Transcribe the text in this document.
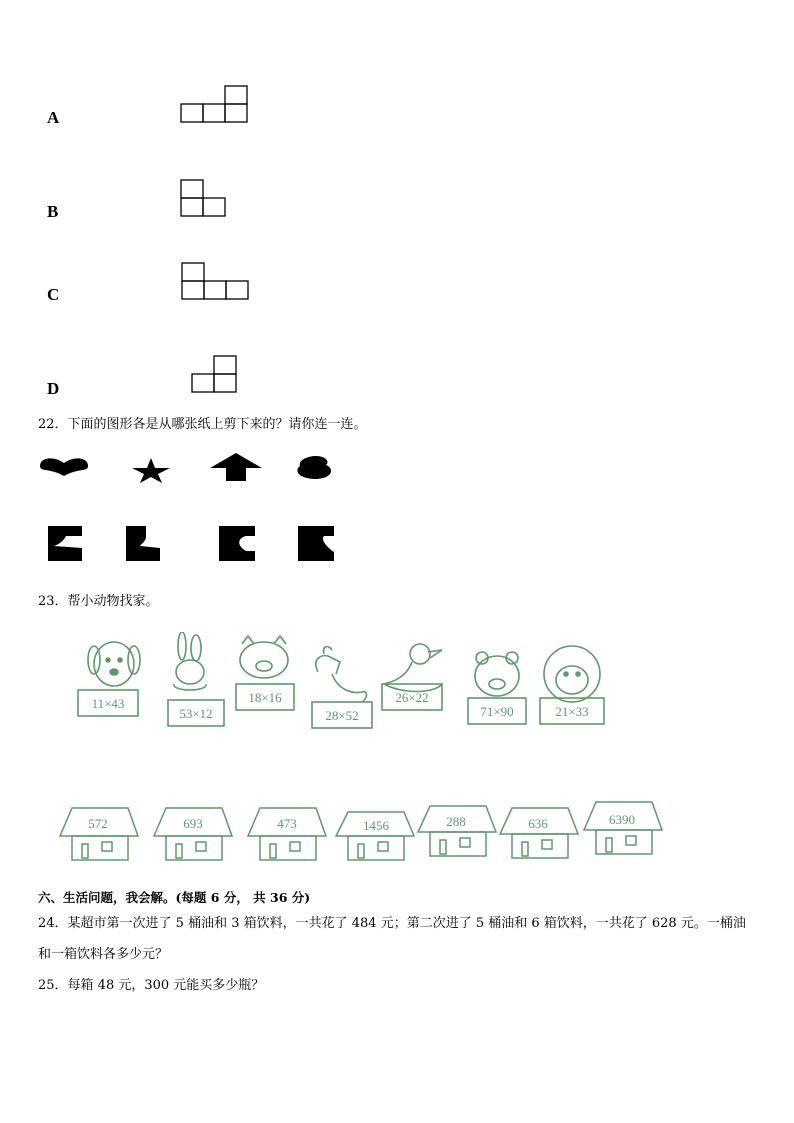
A
B
C
D
22．下面的图形各是从哪张纸上剪下来的？请你连一连。
23．帮小动物找家。
11×43
53×12
18×16
28×52
26×22
71×90	21×33
572	693	473	1456	288	636	6390
六、生活问题，我会解。(每题 6 分， 共 36 分)
24．某超市第一次进了 5 桶油和 3 箱饮料，一共花了 484 元；第二次进了 5 桶油和 6 箱饮料，一共花了 628 元。一桶油和一箱饮料各多少元？
25．每箱 48 元，300 元能买多少瓶？
